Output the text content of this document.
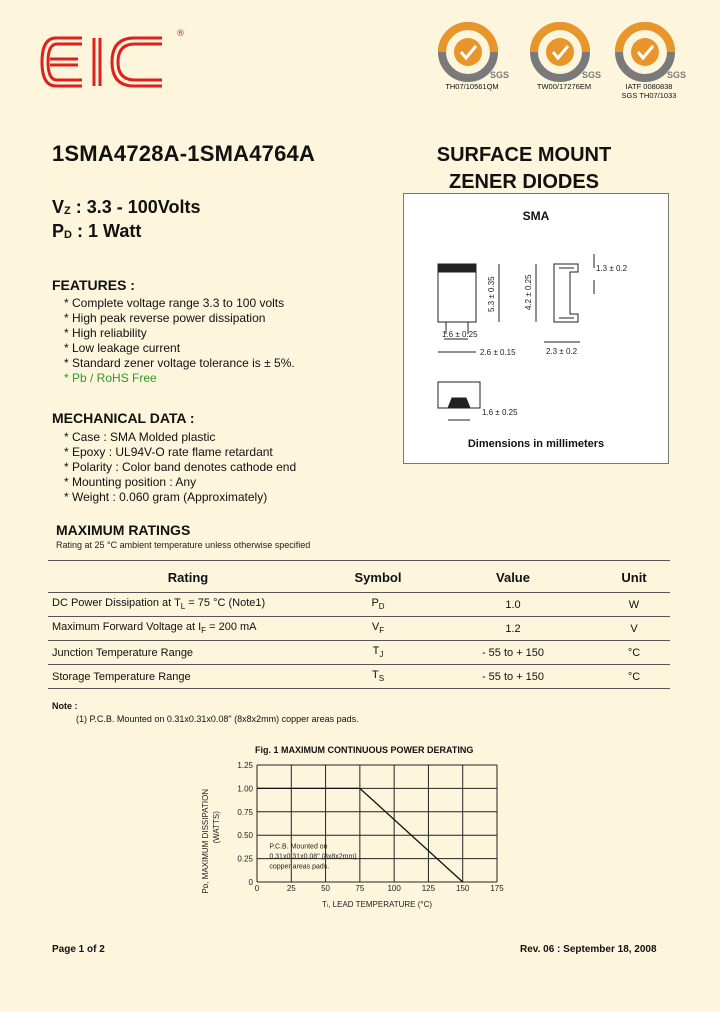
®
SGS
TH07/10561QM
SGS
TW00/17276EM
SGS
IATF 0080838
SGS TH07/1033
1SMA4728A-1SMA4764A	SURFACE MOUNT
ZENER DIODES
$V_Z$ : 3.3 - 100Volts
$P_D$ : 1 Watt
FEATURES :
* Complete voltage range 3.3 to 100 volts
* High peak reverse power dissipation
* High reliability
* Low leakage current
* Standard zener voltage tolerance is ± 5%.
* Pb / RoHS Free
MECHANICAL DATA :
* Case : SMA Molded plastic
* Epoxy : UL94V-O rate flame retardant
* Polarity : Color band denotes cathode end
* Mounting position : Any
* Weight : 0.060 gram (Approximately)
SMA
5.3 ± 0.35	4.2 ± 0.25
1.3 ± 0.2
1.6 ± 0.25
2.6 ± 0.15	2.3 ± 0.2
1.6 ± 0.25
Dimensions in millimeters
MAXIMUM RATINGS
Rating at 25 °C ambient temperature unless otherwise specified
Rating	Symbol	Value	Unit
DC Power Dissipation at $T_L = 75$ °C (Note1)	$P_D$	1.0	W
Maximum Forward Voltage at $I_F = 200$ mA	$V_F$	1.2	V
Junction Temperature Range	$T_J$	- 55 to + 150	°C
Storage Temperature Range	$T_S$	- 55 to + 150	°C
Note :
(1) P.C.B. Mounted on 0.31x0.31x0.08" (8x8x2mm) copper areas pads.
Fig. 1 MAXIMUM CONTINUOUS POWER DERATING
Pᴅ, MAXIMUM DISSIPATION (WATTS)
Tₗ, LEAD TEMPERATURE (°C)
P.C.B. Mounted on
0.31x0.31x0.08" (8x8x2mm)
copper areas pads.
0
0.25
0.50
0.75
1.00
1.25
0	25	50	75	100	125	150	175
Page 1 of 2	Rev. 06 : September 18, 2008
